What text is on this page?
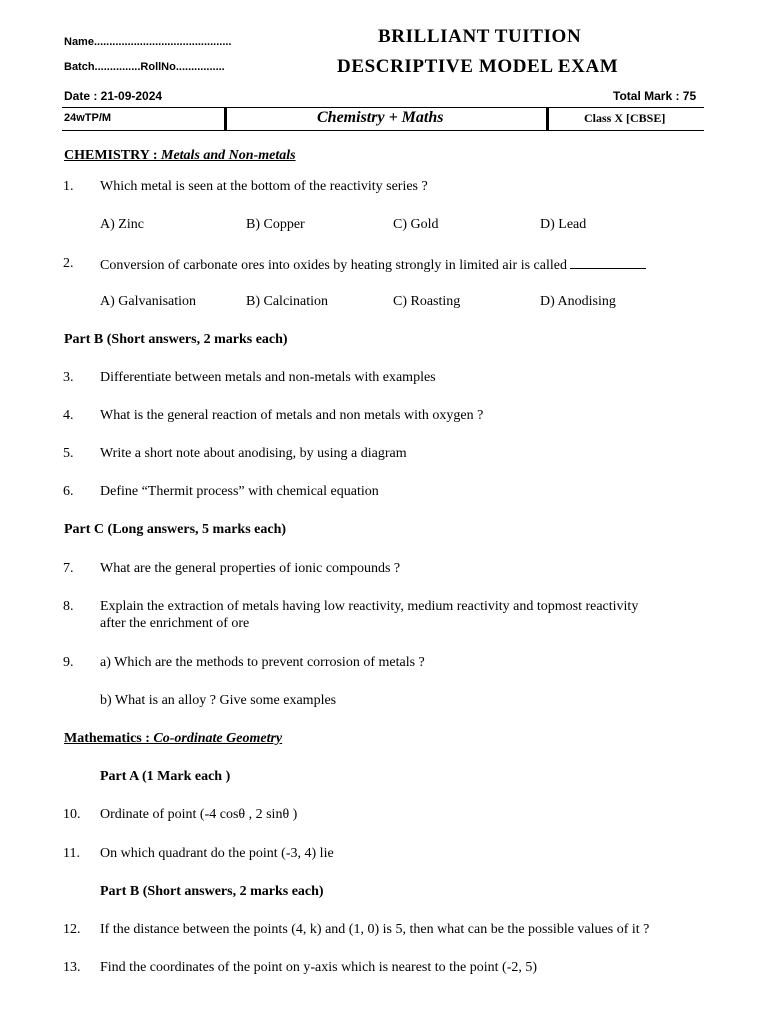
Name.............................................
Batch...............RollNo................
BRILLIANT TUITION
DESCRIPTIVE MODEL EXAM
Date : 21-09-2024	Total Mark : 75
24wTP/M	Chemistry + Maths	Class X [CBSE]
CHEMISTRY : Metals and Non-metals
1. Which metal is seen at the bottom of the reactivity series ?
A) Zinc	B) Copper	C) Gold	D) Lead
2. Conversion of carbonate ores into oxides by heating strongly in limited air is called
A) Galvanisation	B) Calcination	C) Roasting	D) Anodising
Part B (Short answers, 2 marks each)
3. Differentiate between metals and non-metals with examples
4. What is the general reaction of metals and non metals with oxygen ?
5. Write a short note about anodising, by using a diagram
6. Define “Thermit process” with chemical equation
Part C (Long answers, 5 marks each)
7. What are the general properties of ionic compounds ?
8. Explain the extraction of metals having low reactivity, medium reactivity and topmost reactivity
after the enrichment of ore
9. a) Which are the methods to prevent corrosion of metals ?
b) What is an alloy ? Give some examples
Mathematics : Co-ordinate Geometry
Part A (1 Mark each )
10. Ordinate of point (-4 cosθ , 2 sinθ )
11. On which quadrant do the point (-3, 4) lie
Part B (Short answers, 2 marks each)
12. If the distance between the points (4, k) and (1, 0) is 5, then what can be the possible values of it ?
13. Find the coordinates of the point on y-axis which is nearest to the point (-2, 5)
